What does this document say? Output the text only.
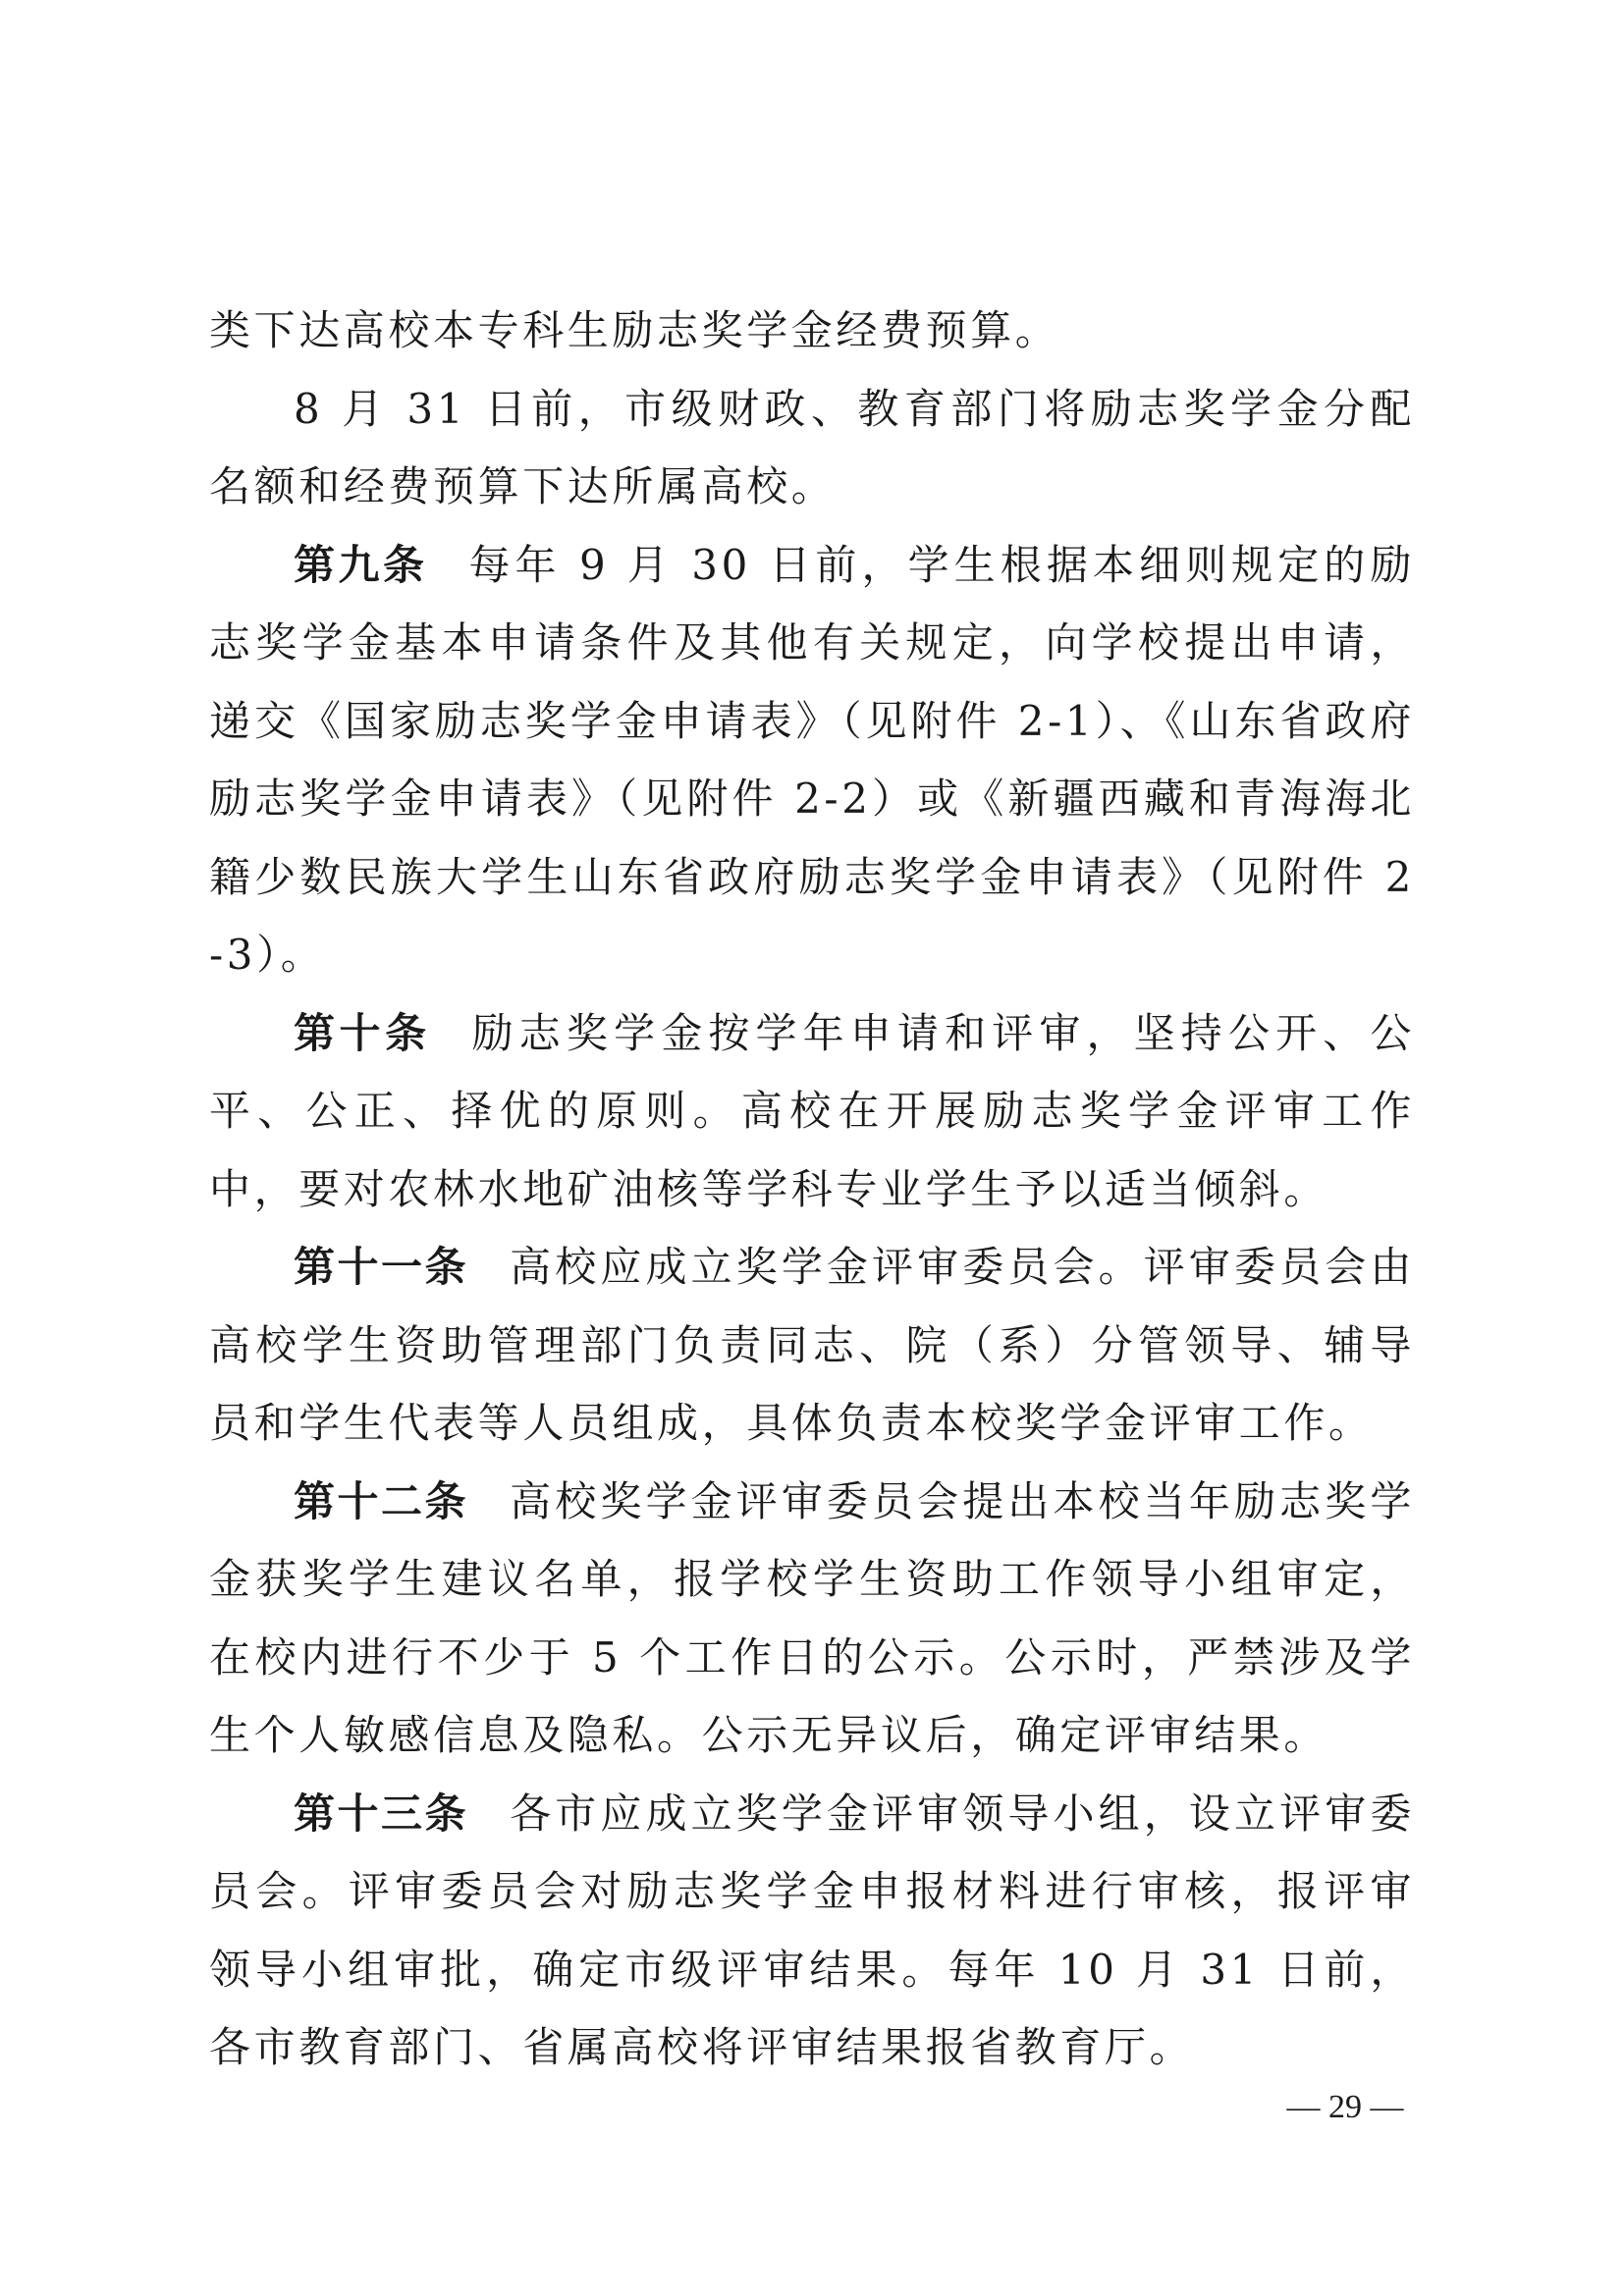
类下达高校本专科生励志奖学金经费预算。

8 月 31 日前，市级财政、教育部门将励志奖学金分配名额和经费预算下达所属高校。

第九条 每年 9 月 30 日前，学生根据本细则规定的励志奖学金基本申请条件及其他有关规定，向学校提出申请，递交《国家励志奖学金申请表》（见附件 2-1）、《山东省政府励志奖学金申请表》（见附件 2-2）或《新疆西藏和青海海北籍少数民族大学生山东省政府励志奖学金申请表》（见附件 2-3）。

第十条 励志奖学金按学年申请和评审，坚持公开、公平、公正、择优的原则。高校在开展励志奖学金评审工作中，要对农林水地矿油核等学科专业学生予以适当倾斜。

第十一条 高校应成立奖学金评审委员会。评审委员会由高校学生资助管理部门负责同志、院（系）分管领导、辅导员和学生代表等人员组成，具体负责本校奖学金评审工作。

第十二条 高校奖学金评审委员会提出本校当年励志奖学金获奖学生建议名单，报学校学生资助工作领导小组审定，在校内进行不少于 5 个工作日的公示。公示时，严禁涉及学生个人敏感信息及隐私。公示无异议后，确定评审结果。

第十三条 各市应成立奖学金评审领导小组，设立评审委员会。评审委员会对励志奖学金申报材料进行审核，报评审领导小组审批，确定市级评审结果。每年 10 月 31 日前，各市教育部门、省属高校将评审结果报省教育厅。

— 29 —
